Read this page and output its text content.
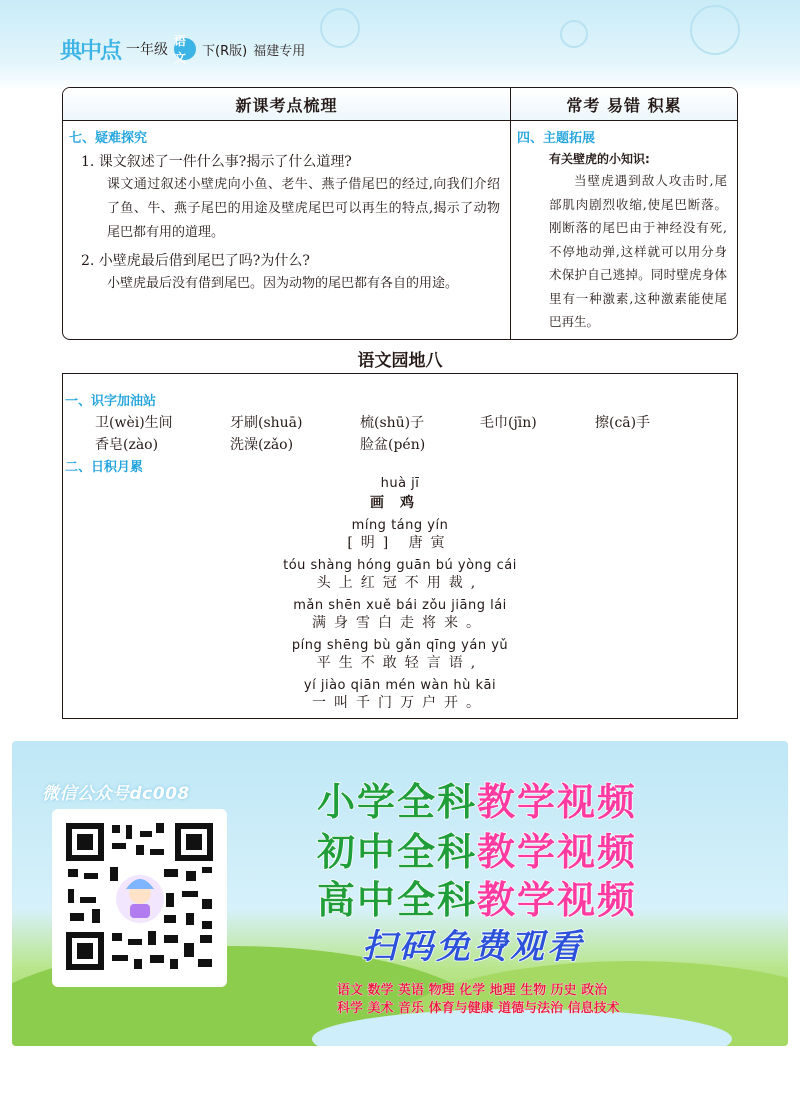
典中点 一年级
语文	下(R版) 福建专用
新课考点梳理
七、疑难探究
1. 课文叙述了一件什么事?揭示了什么道理?
课文通过叙述小壁虎向小鱼、老牛、燕子借尾巴的经过,向我们介绍了鱼、牛、燕子尾巴的用途及壁虎尾巴可以再生的特点,揭示了动物尾巴都有用的道理。
2. 小壁虎最后借到尾巴了吗?为什么?
小壁虎最后没有借到尾巴。因为动物的尾巴都有各自的用途。
常考 易错 积累
四、主题拓展
有关壁虎的小知识:
当壁虎遇到敌人攻击时,尾部肌肉剧烈收缩,使尾巴断落。刚断落的尾巴由于神经没有死,不停地动弹,这样就可以用分身术保护自己逃掉。同时壁虎身体里有一种激素,这种激素能使尾巴再生。
语文园地八
一、识字加油站
卫(wèi)生间	牙刷(shuā)	梳(shū)子	毛巾(jīn)	擦(cā)手
香皂(zào)	洗澡(zǎo)	脸盆(pén)
二、日积月累
huà jī
画鸡
míng táng yín
[明] 唐寅
tóu shàng hóng guān bú yòng cái
头上红冠不用裁,
mǎn shēn xuě bái zǒu jiāng lái
满身雪白走将来。
píng shēng bù gǎn qīng yán yǔ
平生不敢轻言语,
yí jiào qiān mén wàn hù kāi
一叫千门万户开。
微信公众号dc008	小学全科教学视频
初中全科教学视频
高中全科教学视频
扫码免费观看
语文 数学 英语 物理 化学 地理 生物 历史 政治
科学 美术 音乐 体育与健康 道德与法治 信息技术
